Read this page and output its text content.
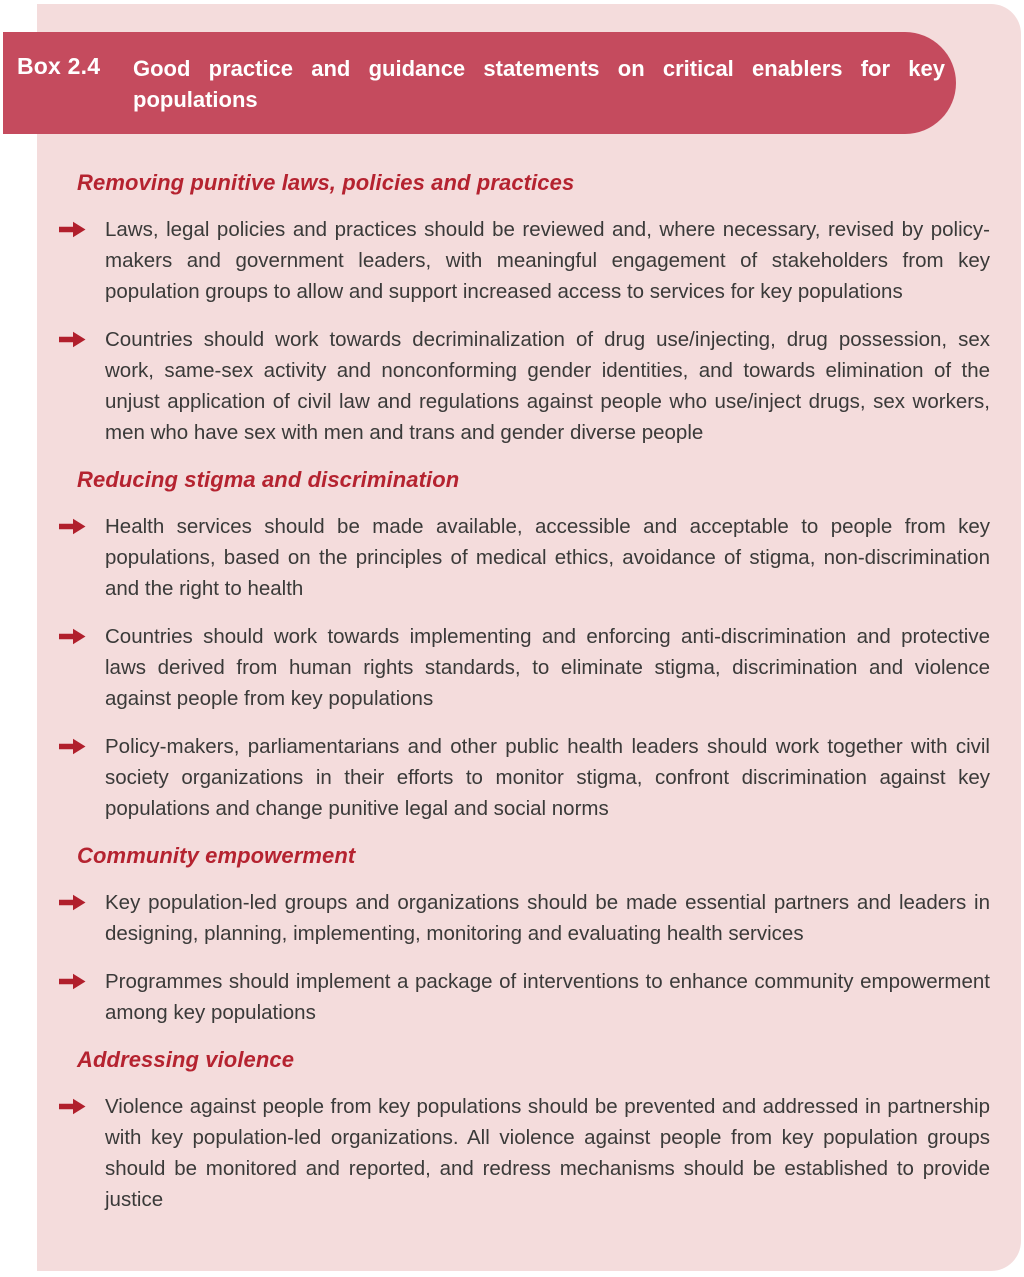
Removing punitive laws, policies and practices

Laws, legal policies and practices should be reviewed and, where necessary, revised by policy-makers and government leaders, with meaningful engagement of stakeholders from key population groups to allow and support increased access to services for key populations

Countries should work towards decriminalization of drug use/injecting, drug possession, sex work, same-sex activity and nonconforming gender identities, and towards elimination of the unjust application of civil law and regulations against people who use/inject drugs, sex workers, men who have sex with men and trans and gender diverse people

Reducing stigma and discrimination

Health services should be made available, accessible and acceptable to people from key populations, based on the principles of medical ethics, avoidance of stigma, non-discrimination and the right to health

Countries should work towards implementing and enforcing anti-discrimination and protective laws derived from human rights standards, to eliminate stigma, discrimination and violence against people from key populations

Policy-makers, parliamentarians and other public health leaders should work together with civil society organizations in their efforts to monitor stigma, confront discrimination against key populations and change punitive legal and social norms

Community empowerment

Key population-led groups and organizations should be made essential partners and leaders in designing, planning, implementing, monitoring and evaluating health services

Programmes should implement a package of interventions to enhance community empowerment among key populations

Addressing violence

Violence against people from key populations should be prevented and addressed in partnership with key population-led organizations. All violence against people from key population groups should be monitored and reported, and redress mechanisms should be established to provide justice

Box 2.4 Good practice and guidance statements on critical enablers for key populations
